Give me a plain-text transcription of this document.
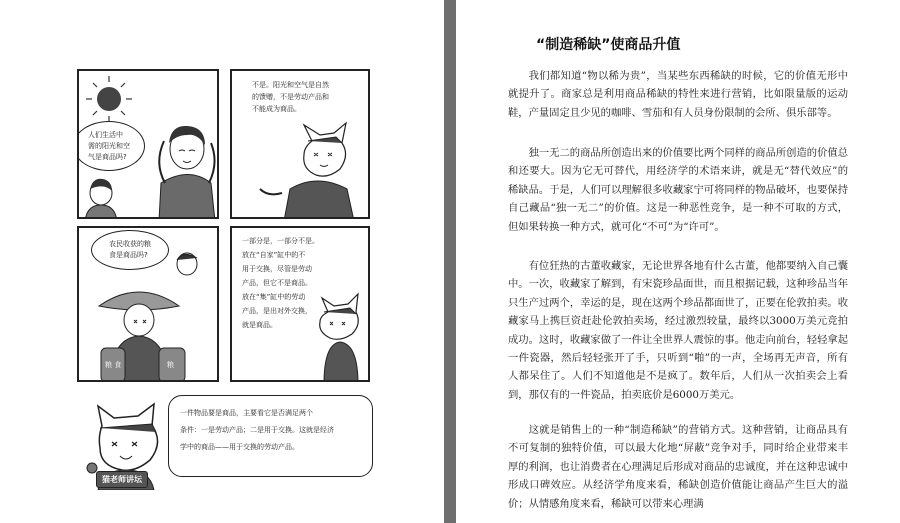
人们生活中
需的阳光和空
气是商品吗?
不是。阳光和空气是自然
的馈赠，不是劳动产品和
不能成为商品。
农民收获的粮
食是商品吗?
粮 食	粮
一部分是，一部分不是。
放在“自家”缸中的不
用于交换，尽管是劳动
产品，但它不是商品。
放在“集”缸中的劳动
产品，是出对外交换，
就是商品。
一件物品要是商品，主要看它是否满足两个
条件：一是劳动产品；二是用于交换。这就是经济
学中的商品——用于交换的劳动产品。
猫老师讲坛
“制造稀缺”使商品升值

我们都知道“物以稀为贵”，当某些东西稀缺的时候，它的价值无形中就提升了。商家总是利用商品稀缺的特性来进行营销，比如限量版的运动鞋，产量固定且少见的咖啡、雪茄和有人员身份限制的会所、俱乐部等。

独一无二的商品所创造出来的价值要比两个同样的商品所创造的价值总和还要大。因为它无可替代，用经济学的术语来讲，就是无“替代效应”的稀缺品。于是，人们可以理解很多收藏家宁可将同样的物品破坏，也要保持自己藏品“独一无二”的价值。这是一种恶性竞争，是一种不可取的方式，但如果转换一种方式，就可化“不可”为“许可”。

有位狂热的古董收藏家，无论世界各地有什么古董，他都要纳入自己囊中。一次，收藏家了解到，有宋瓷珍品面世，而且根据记载，这种珍品当年只生产过两个，幸运的是，现在这两个珍品都面世了，正要在伦敦拍卖。收藏家马上携巨资赶赴伦敦拍卖场，经过激烈较量，最终以3000万美元竞拍成功。这时，收藏家做了一件让全世界人震惊的事。他走向前台，轻轻拿起一件瓷器，然后轻轻张开了手，只听到“啪”的一声，全场再无声音，所有人都呆住了。人们不知道他是不是疯了。数年后，人们从一次拍卖会上看到，那仅有的一件瓷品，拍卖底价是6000万美元。

这就是销售上的一种“制造稀缺”的营销方式。这种营销，让商品具有不可复制的独特价值，可以最大化地“屏蔽”竞争对手，同时给企业带来丰厚的利润，也让消费者在心理满足后形成对商品的忠诚度，并在这种忠诚中形成口碑效应。从经济学角度来看，稀缺创造价值能让商品产生巨大的溢价；从情感角度来看，稀缺可以带来心理满
